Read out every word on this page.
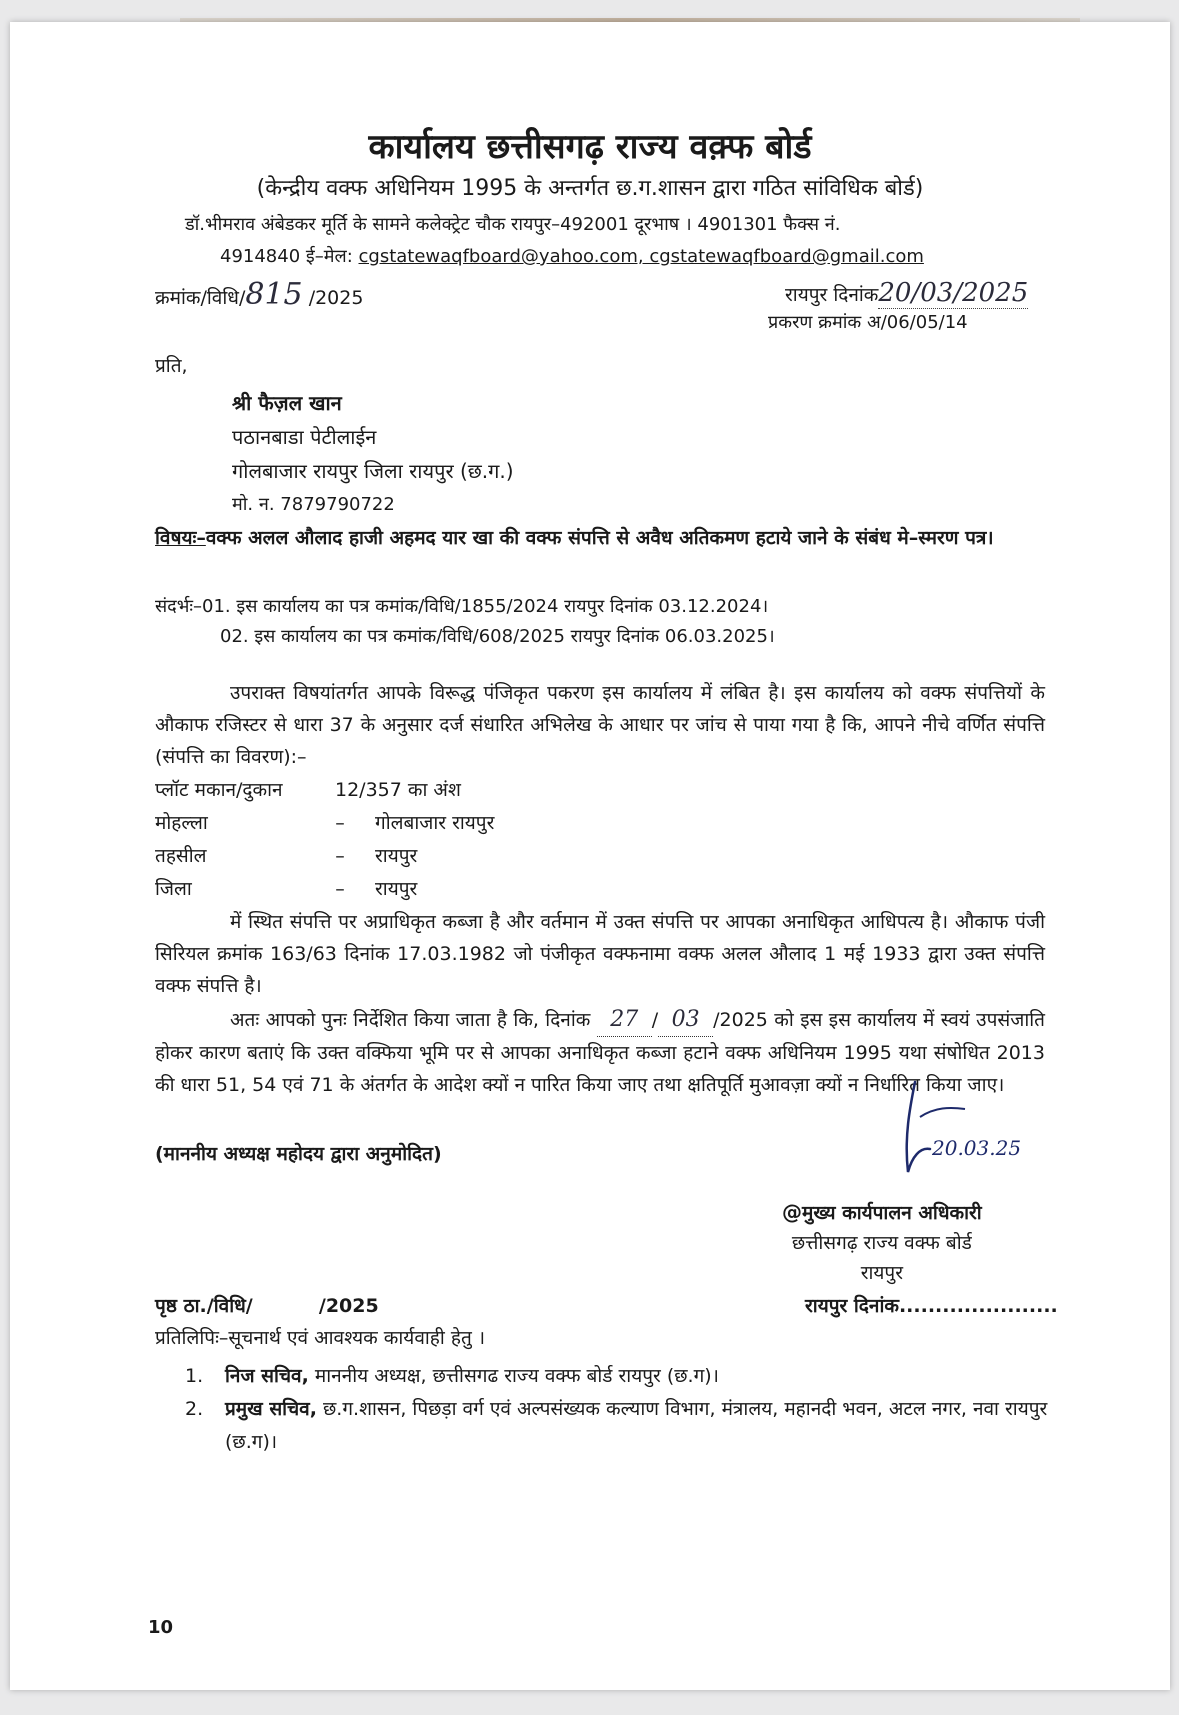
कार्यालय छत्तीसगढ़ राज्य वक़्फ बोर्ड
(केन्द्रीय वक्फ अधिनियम 1995 के अन्तर्गत छ.ग.शासन द्वारा गठित सांविधिक बोर्ड)
डॉ.भीमराव अंबेडकर मूर्ति के सामने कलेक्ट्रेट चौक रायपुर–492001 दूरभाष । 4901301 फैक्स नं.
4914840 ई–मेल: cgstatewaqfboard@yahoo.com, cgstatewaqfboard@gmail.com
क्रमांक/विधि/815 /2025	रायपुर दिनांक20/03/2025
प्रकरण क्रमांक अ/06/05/14
प्रति,
श्री फैज़ल खान
पठानबाडा पेटीलाईन
गोलबाजार रायपुर जिला रायपुर (छ.ग.)
मो. न. 7879790722
विषयः–वक्फ अलल औलाद हाजी अहमद यार खा की वक्फ संपत्ति से अवैध अतिकमण हटाये जाने के संबंध मे–स्मरण पत्र।
संदर्भः–01. इस कार्यालय का पत्र कमांक/विधि/1855/2024 रायपुर दिनांक 03.12.2024।
02. इस कार्यालय का पत्र कमांक/विधि/608/2025 रायपुर दिनांक 06.03.2025।
उपराक्त विषयांतर्गत आपके विरूद्ध पंजिकृत पकरण इस कार्यालय में लंबित है। इस कार्यालय को वक्फ संपत्तियों के औकाफ रजिस्टर से धारा 37 के अनुसार दर्ज संधारित अभिलेख के आधार पर जांच से पाया गया है कि, आपने नीचे वर्णित संपत्ति (संपत्ति का विवरण):–
प्लॉट मकान/दुकान	12/357 का अंश
मोहल्ला	–	गोलबाजार रायपुर
तहसील	–	रायपुर
जिला	–	रायपुर
में स्थित संपत्ति पर अप्राधिकृत कब्जा है और वर्तमान में उक्त संपत्ति पर आपका अनाधिकृत आधिपत्य है। औकाफ पंजी सिरियल क्रमांक 163/63 दिनांक 17.03.1982 जो पंजीकृत वक्फनामा वक्फ अलल औलाद 1 मई 1933 द्वारा उक्त संपत्ति वक्फ संपत्ति है।
अतः आपको पुनः निर्देशित किया जाता है कि, दिनांक 27 / 03 /2025 को इस इस कार्यालय में स्वयं उपसंजाति होकर कारण बताएं कि उक्त वक्फिया भूमि पर से आपका अनाधिकृत कब्जा हटाने वक्फ अधिनियम 1995 यथा संषोधित 2013 की धारा 51, 54 एवं 71 के अंतर्गत के आदेश क्यों न पारित किया जाए तथा क्षतिपूर्ति मुआवज़ा क्यों न निर्धारित किया जाए।
(माननीय अध्यक्ष महोदय द्वारा अनुमोदित)	20.03.25
@मुख्य कार्यपालन अधिकारी
छत्तीसगढ़ राज्य वक्फ बोर्ड
रायपुर
पृष्ठ ठा./विधि/          /2025	रायपुर दिनांक......................
प्रतिलिपिः–सूचनार्थ एवं आवश्यक कार्यवाही हेतु ।
1.	निज सचिव, माननीय अध्यक्ष, छत्तीसगढ राज्य वक्फ बोर्ड रायपुर (छ.ग)।
2.	प्रमुख सचिव, छ.ग.शासन, पिछड़ा वर्ग एवं अल्पसंख्यक कल्याण विभाग, मंत्रालय, महानदी भवन, अटल नगर, नवा रायपुर (छ.ग)।
10
